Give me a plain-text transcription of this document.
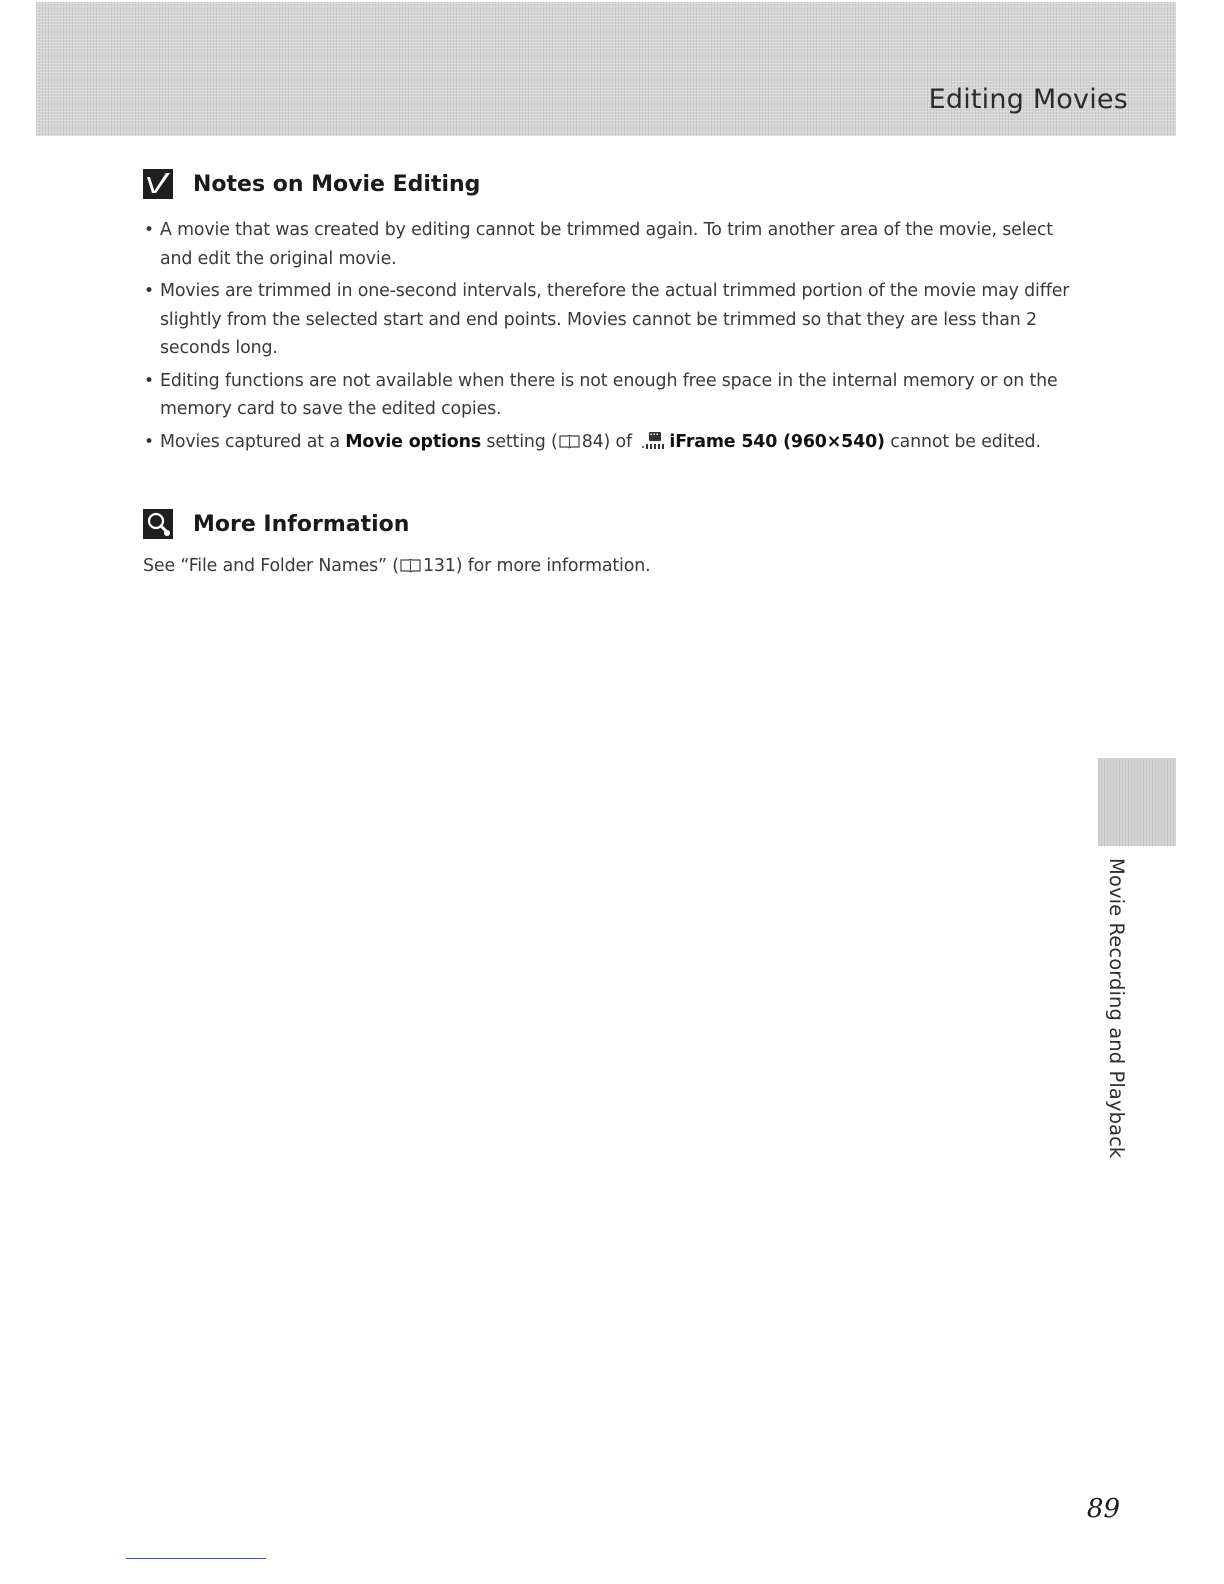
Editing Movies
Notes on Movie Editing
• A movie that was created by editing cannot be trimmed again. To trim another area of the movie, select and edit the original movie.
• Movies are trimmed in one-second intervals, therefore the actual trimmed portion of the movie may differ slightly from the selected start and end points. Movies cannot be trimmed so that they are less than 2 seconds long.
• Editing functions are not available when there is not enough free space in the internal memory or on the memory card to save the edited copies.
• Movies captured at a Movie options setting ( 84) of iFrame 540 (960×540) cannot be edited.
More Information
See “File and Folder Names” ( 131) for more information.
Movie Recording and Playback
89
